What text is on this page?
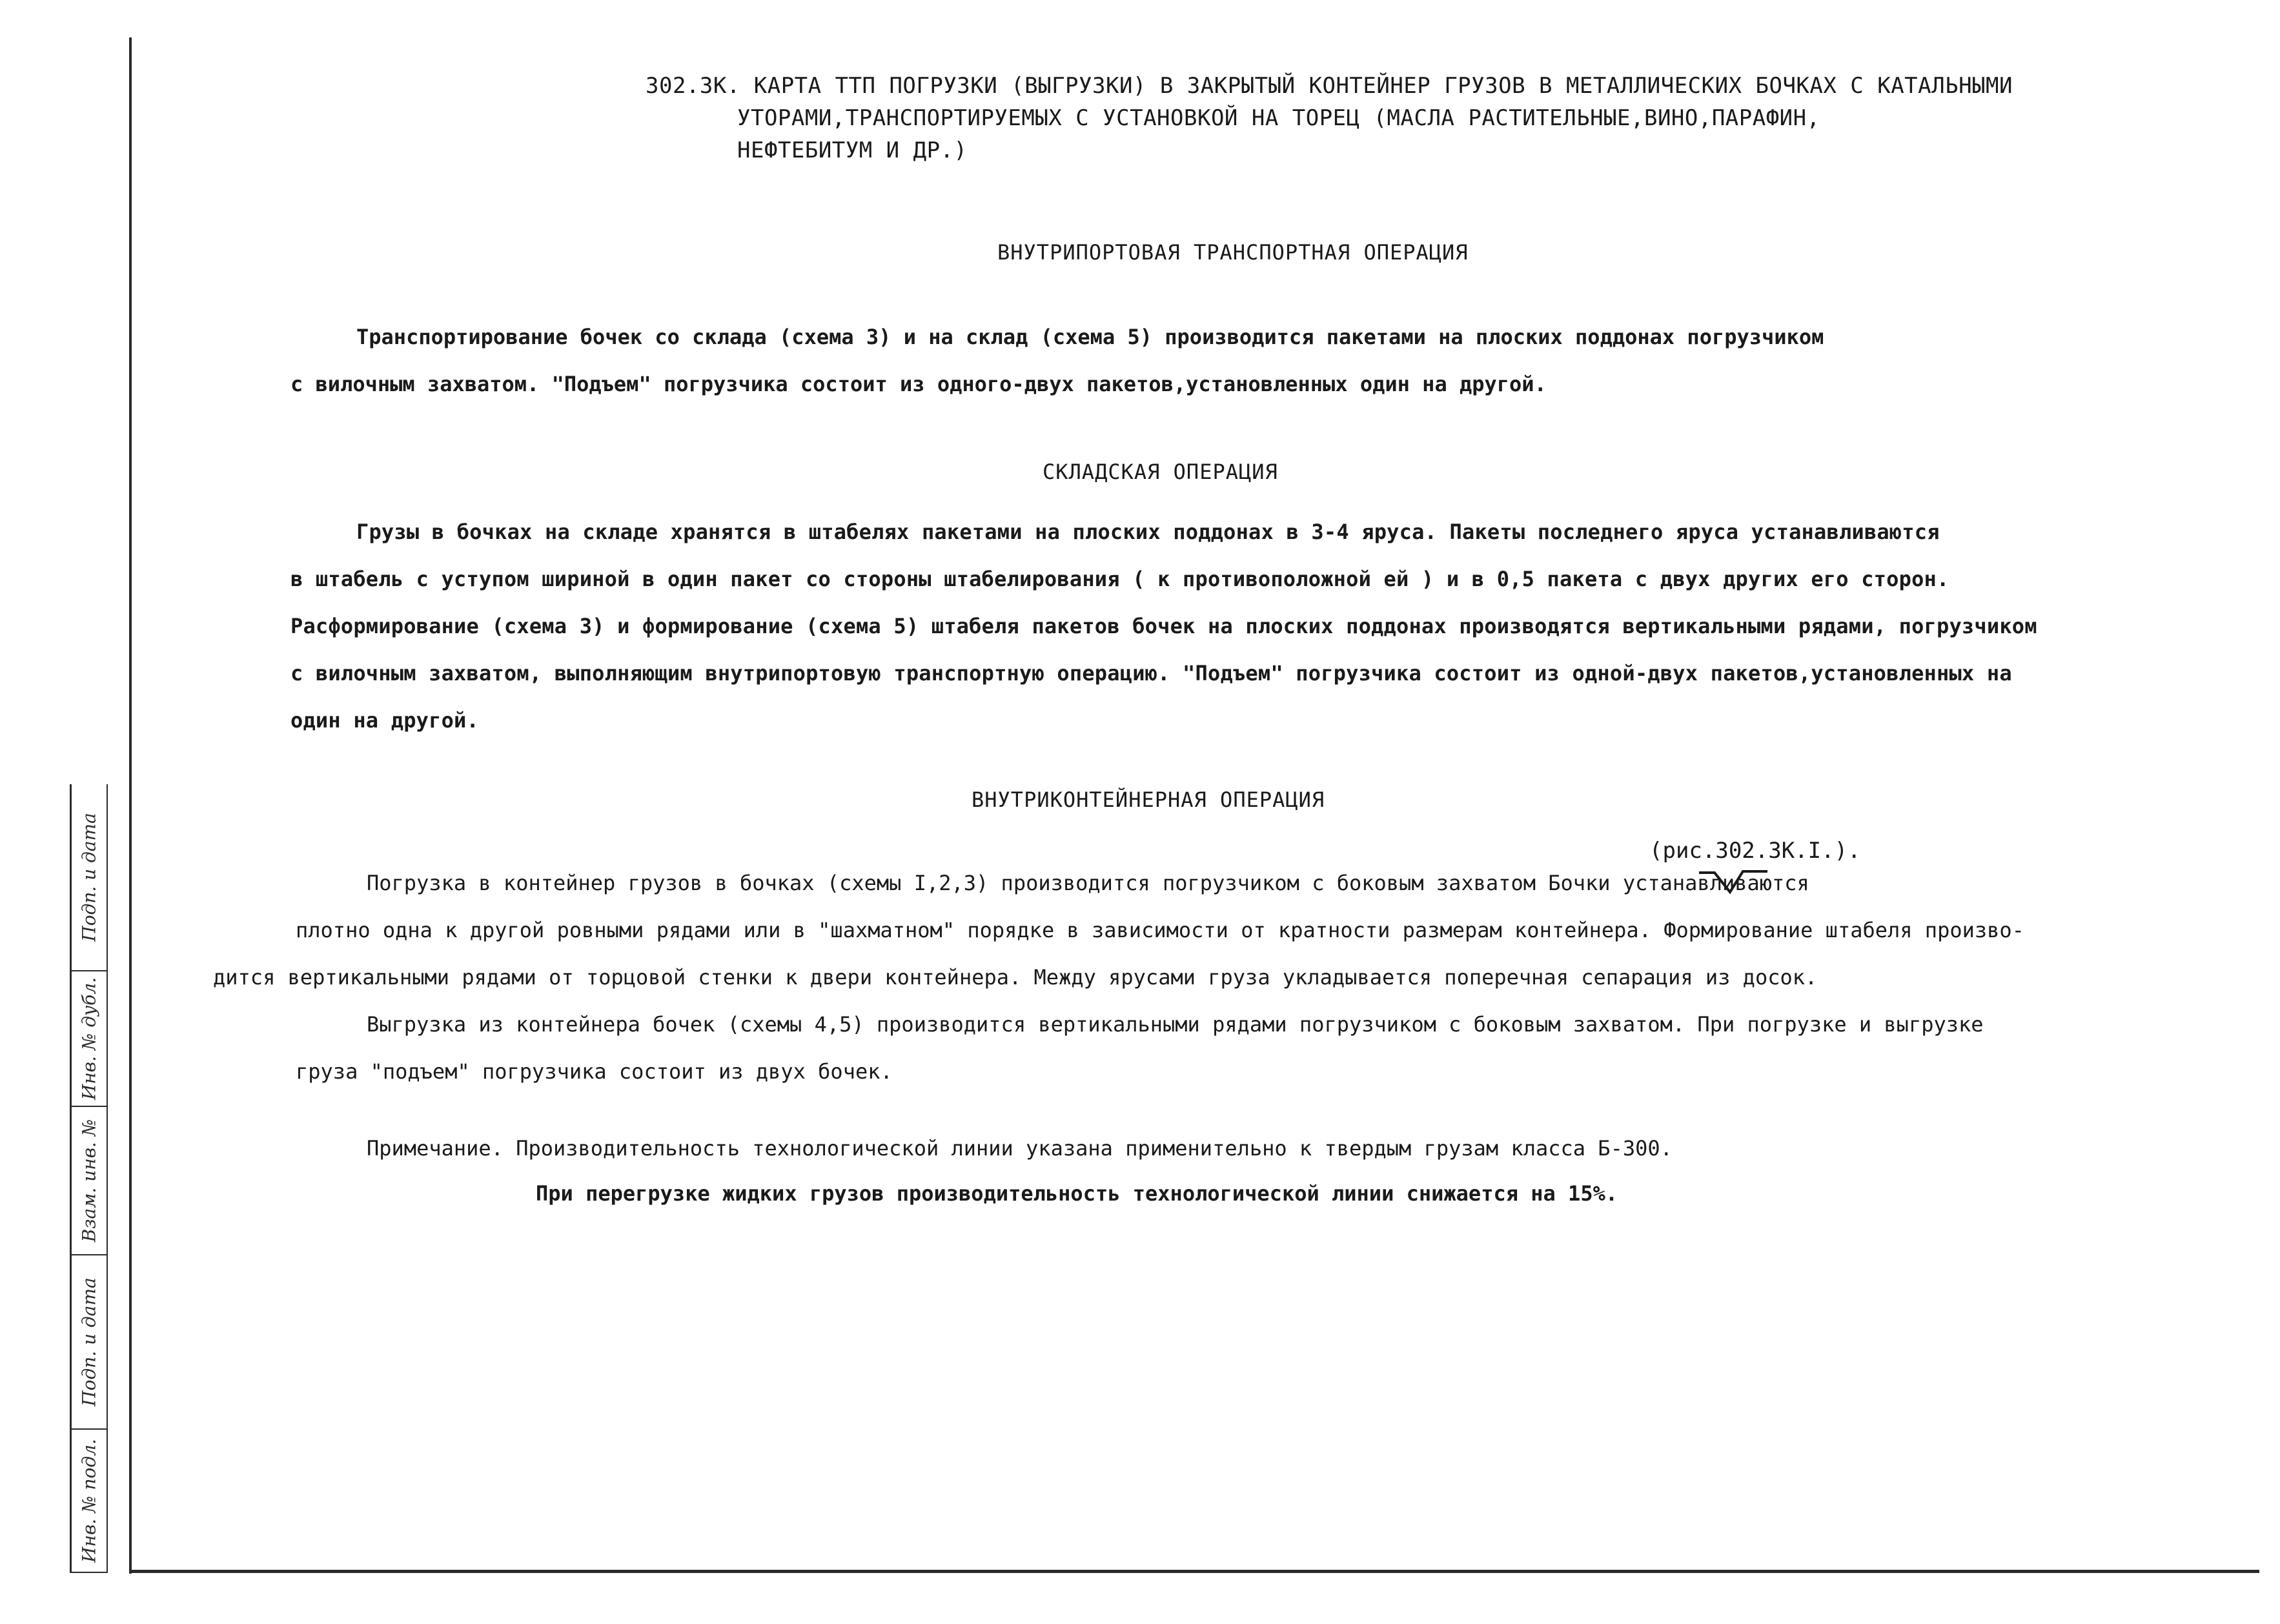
Подп. и дата
Инв. № дубл.
Взам. инв. №
Подп. и дата
Инв. № подл.
302.ЗК. КАРТА ТТП ПОГРУЗКИ (ВЫГРУЗКИ) В ЗАКРЫТЫЙ КОНТЕЙНЕР ГРУЗОВ В МЕТАЛЛИЧЕСКИХ БОЧКАХ С КАТАЛЬНЫМИ
УТОРАМИ,ТРАНСПОРТИРУЕМЫХ С УСТАНОВКОЙ НА ТОРЕЦ (МАСЛА РАСТИТЕЛЬНЫЕ,ВИНО,ПАРАФИН,
НЕФТЕБИТУМ И ДР.)
ВНУТРИПОРТОВАЯ ТРАНСПОРТНАЯ ОПЕРАЦИЯ
Транспортирование бочек со склада (схема 3) и на склад (схема 5) производится пакетами на плоских поддонах погрузчиком
с вилочным захватом. "Подъем" погрузчика состоит из одного-двух пакетов,установленных один на другой.
СКЛАДСКАЯ ОПЕРАЦИЯ
Грузы в бочках на складе хранятся в штабелях пакетами на плоских поддонах в 3-4 яруса. Пакеты последнего яруса устанавливаются
в штабель с уступом шириной в один пакет со стороны штабелирования ( к противоположной ей ) и в 0,5 пакета с двух других его сторон.
Расформирование (схема 3) и формирование (схема 5) штабеля пакетов бочек на плоских поддонах производятся вертикальными рядами, погрузчиком
с вилочным захватом, выполняющим внутрипортовую транспортную операцию. "Подъем" погрузчика состоит из одной-двух пакетов,установленных на
один на другой.
ВНУТРИКОНТЕЙНЕРНАЯ ОПЕРАЦИЯ
(рис.302.ЗК.I.).
Погрузка в контейнер грузов в бочках (схемы I,2,3) производится погрузчиком с боковым захватом Бочки устанавливаются
плотно одна к другой ровными рядами или в "шахматном" порядке в зависимости от кратности размерам контейнера. Формирование штабеля произво-
дится вертикальными рядами от торцовой стенки к двери контейнера. Между ярусами груза укладывается поперечная сепарация из досок.
Выгрузка из контейнера бочек (схемы 4,5) производится вертикальными рядами погрузчиком с боковым захватом. При погрузке и выгрузке
груза "подъем" погрузчика состоит из двух бочек.
Примечание. Производительность технологической линии указана применительно к твердым грузам класса Б-300.
При перегрузке жидких грузов производительность технологической линии снижается на 15%.
